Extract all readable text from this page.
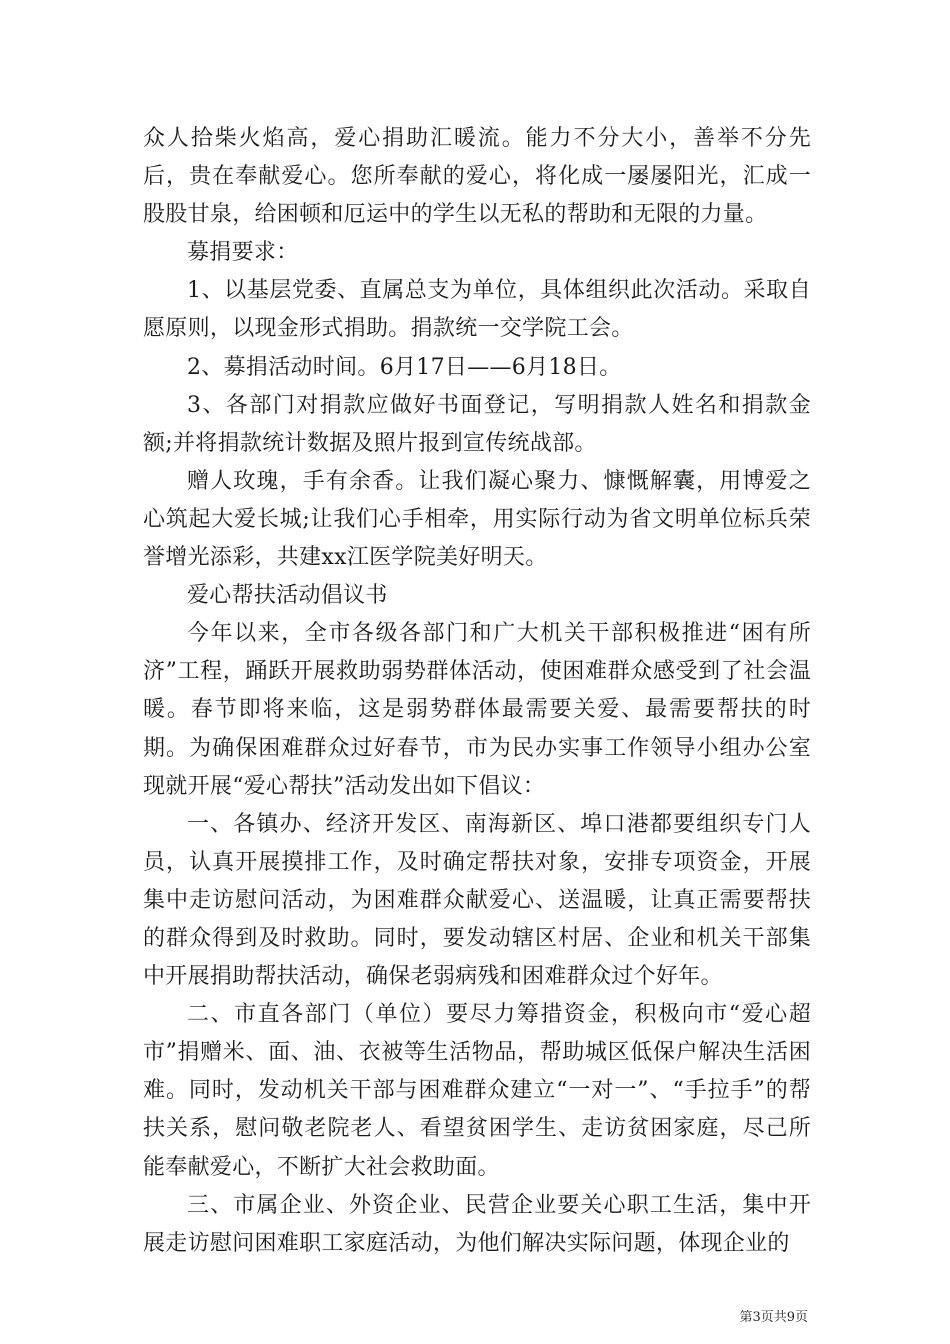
众人拾柴火焰高，爱心捐助汇暖流。能力不分大小，善举不分先后，贵在奉献爱心。您所奉献的爱心，将化成一屡屡阳光，汇成一股股甘泉，给困顿和厄运中的学生以无私的帮助和无限的力量。

募捐要求：

1、以基层党委、直属总支为单位，具体组织此次活动。采取自愿原则，以现金形式捐助。捐款统一交学院工会。

2、募捐活动时间。6月17日——6月18日。

3、各部门对捐款应做好书面登记，写明捐款人姓名和捐款金额;并将捐款统计数据及照片报到宣传统战部。

赠人玫瑰，手有余香。让我们凝心聚力、慷慨解囊，用博爱之心筑起大爱长城;让我们心手相牵，用实际行动为省文明单位标兵荣誉增光添彩，共建xx江医学院美好明天。

爱心帮扶活动倡议书

今年以来，全市各级各部门和广大机关干部积极推进“困有所济”工程，踊跃开展救助弱势群体活动，使困难群众感受到了社会温暖。春节即将来临，这是弱势群体最需要关爱、最需要帮扶的时期。为确保困难群众过好春节，市为民办实事工作领导小组办公室现就开展“爱心帮扶”活动发出如下倡议：

一、各镇办、经济开发区、南海新区、埠口港都要组织专门人员，认真开展摸排工作，及时确定帮扶对象，安排专项资金，开展集中走访慰问活动，为困难群众献爱心、送温暖，让真正需要帮扶的群众得到及时救助。同时，要发动辖区村居、企业和机关干部集中开展捐助帮扶活动，确保老弱病残和困难群众过个好年。

二、市直各部门（单位）要尽力筹措资金，积极向市“爱心超市”捐赠米、面、油、衣被等生活物品，帮助城区低保户解决生活困难。同时，发动机关干部与困难群众建立“一对一”、“手拉手”的帮扶关系，慰问敬老院老人、看望贫困学生、走访贫困家庭，尽己所能奉献爱心，不断扩大社会救助面。

三、市属企业、外资企业、民营企业要关心职工生活，集中开展走访慰问困难职工家庭活动，为他们解决实际问题，体现企业的

第3页共9页
